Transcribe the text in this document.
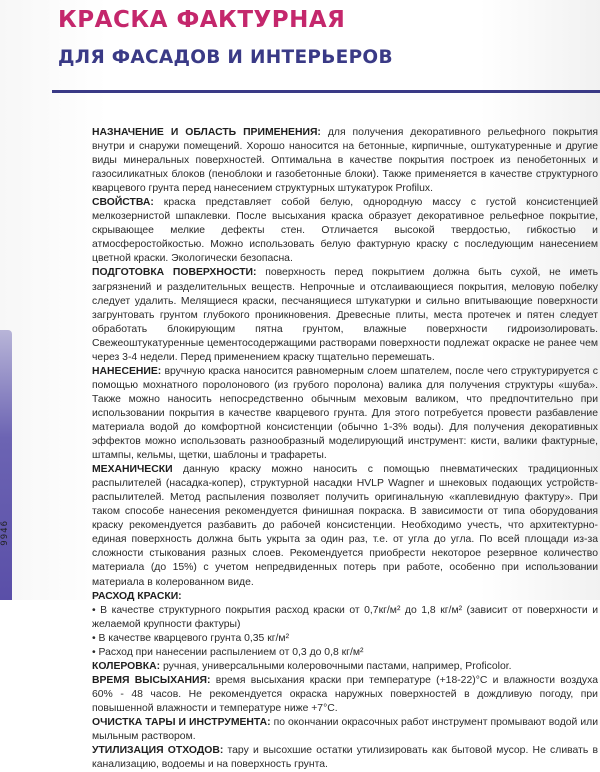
КРАСКА ФАКТУРНАЯ
ДЛЯ ФАСАДОВ И ИНТЕРЬЕРОВ
9946

НАЗНАЧЕНИЕ И ОБЛАСТЬ ПРИМЕНЕНИЯ: для получения декоративного рельефного покрытия внутри и снаружи помещений. Хорошо наносится на бетонные, кирпичные, оштукатуренные и другие виды минеральных поверхностей. Оптимальна в качестве покрытия построек из пенобетонных и газосиликатных блоков (пеноблоки и газобетонные блоки). Также применяется в качестве структурного кварцевого грунта перед нанесением структурных штукатурок Profilux.

СВОЙСТВА: краска представляет собой белую, однородную массу с густой консистенцией мелкозернистой шпаклевки. После высыхания краска образует декоративное рельефное покрытие, скрывающее мелкие дефекты стен. Отличается высокой твердостью, гибкостью и атмосферостойкостью. Можно использовать белую фактурную краску с последующим нанесением цветной краски. Экологически безопасна.

ПОДГОТОВКА ПОВЕРХНОСТИ: поверхность перед покрытием должна быть сухой, не иметь загрязнений и разделительных веществ. Непрочные и отслаивающиеся покрытия, меловую побелку следует удалить. Мелящиеся краски, песчанящиеся штукатурки и сильно впитывающие поверхности загрунтовать грунтом глубокого проникновения. Древесные плиты, места протечек и пятен следует обработать блокирующим пятна грунтом, влажные поверхности гидроизолировать. Свежеоштукатуренные цементосодержащими растворами поверхности подлежат окраске не ранее чем через 3-4 недели. Перед применением краску тщательно перемешать.

НАНЕСЕНИЕ: вручную краска наносится равномерным слоем шпателем, после чего структурируется с помощью мохнатного поролонового (из грубого поролона) валика для получения структуры «шуба». Также можно наносить непосредственно обычным меховым валиком, что предпочтительно при использовании покрытия в качестве кварцевого грунта. Для этого потребуется провести разбавление материала водой до комфортной консистенции (обычно 1-3% воды). Для получения декоративных эффектов можно использовать разнообразный моделирующий инструмент: кисти, валики фактурные, штампы, кельмы, щетки, шаблоны и трафареты.

МЕХАНИЧЕСКИ данную краску можно наносить с помощью пневматических традиционных распылителей (насадка-копер), структурной насадки HVLP Wagner и шнековых подающих устройств-распылителей. Метод распыления позволяет получить оригинальную «каплевидную фактуру». При таком способе нанесения рекомендуется финишная покраска. В зависимости от типа оборудования краску рекомендуется разбавить до рабочей консистенции. Необходимо учесть, что архитектурно-единая поверхность должна быть укрыта за один раз, т.е. от угла до угла. По всей площади из-за сложности стыкования разных слоев. Рекомендуется приобрести некоторое резервное количество материала (до 15%) с учетом непредвиденных потерь при работе, особенно при использовании материала в колерованном виде.

РАСХОД КРАСКИ:

• В качестве структурного покрытия расход краски от 0,7кг/м² до 1,8 кг/м² (зависит от поверхности и желаемой крупности фактуры)

• В качестве кварцевого грунта 0,35 кг/м²

• Расход при нанесении распылением от 0,3 до 0,8 кг/м²

КОЛЕРОВКА: ручная, универсальными колеровочными пастами, например, Proficolor.

ВРЕМЯ ВЫСЫХАНИЯ: время высыхания краски при температуре (+18-22)°С и влажности воздуха 60% - 48 часов. Не рекомендуется окраска наружных поверхностей в дождливую погоду, при повышенной влажности и температуре ниже +7°С.

ОЧИСТКА ТАРЫ И ИНСТРУМЕНТА: по окончании окрасочных работ инструмент промывают водой или мыльным раствором.

УТИЛИЗАЦИЯ ОТХОДОВ: тару и высохшие остатки утилизировать как бытовой мусор. Не сливать в канализацию, водоемы и на поверхность грунта.
